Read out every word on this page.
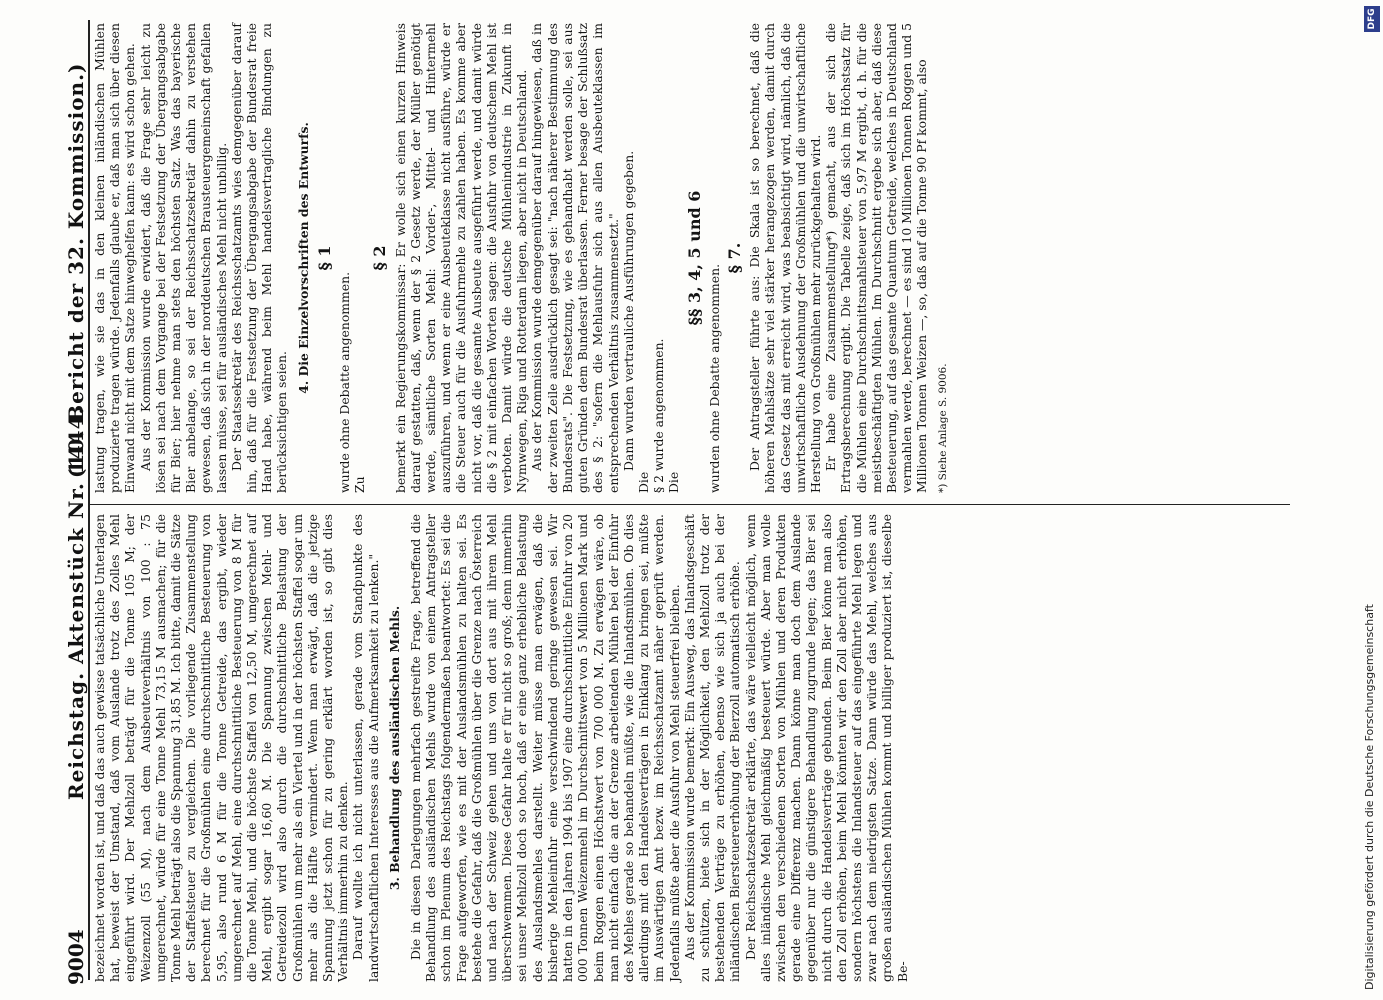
DFG
Digitalisierung gefördert durch die Deutsche Forschungsgemeinschaft
9004
Reichstag. Aktenstück Nr. 1444.
(10. Bericht der 32. Kommission.)

bezeichnet worden ist, und daß das auch gewisse tatsächliche Unterlagen hat, beweist der Umstand, daß vom Auslande trotz des Zolles Mehl eingeführt wird. Der Mehlzoll beträgt für die Tonne 105 M; der Weizenzoll (55 M), nach dem Ausbeuteverhältnis von 100 : 75 umgerechnet, würde für eine Tonne Mehl 73,15 M ausmachen; für die Tonne Mehl beträgt also die Spannung 31,85 M. Ich bitte, damit die Sätze der Staffelsteuer zu vergleichen. Die vorliegende Zusammenstellung berechnet für die Großmühlen eine durchschnittliche Besteuerung von 5,95, also rund 6 M für die Tonne Getreide, das ergibt, wieder umgerechnet auf Mehl, eine durchschnittliche Besteuerung von 8 M für die Tonne Mehl, und die höchste Staffel von 12,50 M, umgerechnet auf Mehl, ergibt sogar 16,60 M. Die Spannung zwischen Mehl- und Getreidezoll wird also durch die durchschnittliche Belastung der Großmühlen um mehr als ein Viertel und in der höchsten Staffel sogar um mehr als die Hälfte vermindert. Wenn man erwägt, daß die jetzige Spannung jetzt schon für zu gering erklärt worden ist, so gibt dies Verhältnis immerhin zu denken. Darauf wollte ich nicht unterlassen, gerade vom Standpunkte des landwirtschaftlichen Interesses aus die Aufmerksamkeit zu lenken." 3. Behandlung des ausländischen Mehls. Die in diesen Darlegungen mehrfach gestreifte Frage, betreffend die Behandlung des ausländischen Mehls wurde von einem Antragsteller schon im Plenum des Reichstags folgendermaßen beantwortet: Es sei die Frage aufgeworfen, wie es mit der Auslandsmühlen zu halten sei. Es bestehe die Gefahr, daß die Großmühlen über die Grenze nach Österreich und nach der Schweiz gehen und uns von dort aus mit ihrem Mehl überschwemmen. Diese Gefahr halte er für nicht so groß; denn immerhin sei unser Mehlzoll doch so hoch, daß er eine ganz erhebliche Belastung des Auslandsmehles darstellt. Weiter müsse man erwägen, daß die bisherige Mehleinfuhr eine verschwindend geringe gewesen sei. Wir hatten in den Jahren 1904 bis 1907 eine durchschnittliche Einfuhr von 20 000 Tonnen Weizenmehl im Durchschnittswert von 5 Millionen Mark und beim Roggen einen Höchstwert von 700 000 M. Zu erwägen wäre, ob man nicht einfach die an der Grenze arbeitenden Mühlen bei der Einfuhr des Mehles gerade so behandeln müßte, wie die Inlandsmühlen. Ob dies allerdings mit den Handelsverträgen in Einklang zu bringen sei, müßte im Auswärtigen Amt bezw. im Reichsschatzamt näher geprüft werden. Jedenfalls müßte aber die Ausfuhr von Mehl steuerfrei bleiben. Aus der Kommission wurde bemerkt: Ein Ausweg, das Inlandsgeschäft zu schützen, biete sich in der Möglichkeit, den Mehlzoll trotz der bestehenden Verträge zu erhöhen, ebenso wie sich ja auch bei der inländischen Biersteuererhöhung der Bierzoll automatisch erhöhe. Der Reichsschatzsekretär erklärte, das wäre vielleicht möglich, wenn alles inländische Mehl gleichmäßig besteuert würde. Aber man wolle zwischen den verschiedenen Sorten von Mühlen und deren Produkten gerade eine Differenz machen. Dann könne man doch dem Auslande gegenüber nur die günstigere Behandlung zugrunde legen; das Bier sei nicht durch die Handelsverträge gebunden. Beim Bier könne man also den Zoll erhöhen, beim Mehl könnten wir den Zoll aber nicht erhöhen, sondern höchstens die Inlandsteuer auf das eingeführte Mehl legen und zwar nach dem niedrigsten Satze. Dann würde das Mehl, welches aus großen ausländischen Mühlen kommt und billiger produziert ist, dieselbe Be-

lastung tragen, wie sie das in den kleinen inländischen Mühlen produzierte tragen würde. Jedenfalls glaube er, daß man sich über diesen Einwand nicht mit dem Satze hinweghelfen kann: es wird schon gehen. Aus der Kommission wurde erwidert, daß die Frage sehr leicht zu lösen sei nach dem Vorgange bei der Festsetzung der Übergangsabgabe für Bier; hier nehme man stets den höchsten Satz. Was das bayerische Bier anbelange, so sei der Reichsschatzsekretär dahin zu verstehen gewesen, daß sich in der norddeutschen Brausteuergemeinschaft gefallen lassen müsse, sei für ausländisches Mehl nicht unbillig. Der Staatssekretär des Reichsschatzamts wies demgegenüber darauf hin, daß für die Festsetzung der Übergangsabgabe der Bundesrat freie Hand habe, während beim Mehl handelsvertragliche Bindungen zu berücksichtigen seien.

4. Die Einzelvorschriften des Entwurfs. § 1

wurde ohne Debatte angenommen. Zu

§ 2 bemerkt ein Regierungskommissar: Er wolle sich einen kurzen Hinweis darauf gestatten, daß, wenn der § 2 Gesetz werde, der Müller genötigt werde, sämtliche Sorten Mehl: Vorder-, Mittel- und Hintermehl auszuführen, und wenn er eine Ausbeuteklasse nicht ausführe, würde er die Steuer auch für die Ausfuhrmehle zu zahlen haben. Es komme aber nicht vor, daß die gesamte Ausbeute ausgeführt werde, und damit würde die § 2 mit einfachen Worten sagen: die Ausfuhr von deutschem Mehl ist verboten. Damit würde die deutsche Mühlenindustrie in Zukunft in Nymwegen, Riga und Rotterdam liegen, aber nicht in Deutschland. Aus der Kommission wurde demgegenüber darauf hingewiesen, daß in der zweiten Zeile ausdrücklich gesagt sei: "nach näherer Bestimmung des Bundesrats". Die Festsetzung, wie es gehandhabt werden solle, sei aus guten Gründen dem Bundesrat überlassen. Ferner besage der Schlußsatz des § 2: "sofern die Mehlausfuhr sich aus allen Ausbeuteklassen im entsprechenden Verhältnis zusammensetzt." Dann wurden vertrauliche Ausführungen gegeben.

Die § 2 wurde angenommen. Die

§§ 3, 4, 5 und 6

wurden ohne Debatte angenommen.

§ 7. Der Antragsteller führte aus: Die Skala ist so berechnet, daß die höheren Mahlsätze sehr viel stärker herangezogen werden, damit durch das Gesetz das mit erreicht wird, was beabsichtigt wird, nämlich, daß die unwirtschaftliche Ausdehnung der Großmühlen und die unwirtschaftliche Herstellung von Großmühlen mehr zurückgehalten wird. Er habe eine Zusammenstellung*) gemacht, aus der sich die Ertragsberechnung ergibt. Die Tabelle zeige, daß sich im Höchstsatz für die Mühlen eine Durchschnittsmahlsteuer von 5,97 M ergibt, d. h. für die meistbeschäftigten Mühlen. Im Durchschnitt ergebe sich aber, daß diese Besteuerung, auf das gesamte Quantum Getreide, welches in Deutschland vermahlen werde, berechnet — es sind 10 Millionen Tonnen Roggen und 5 Millionen Tonnen Weizen —, so, daß auf die Tonne 90 Pf kommt, also *) Siehe Anlage S. 9006.
